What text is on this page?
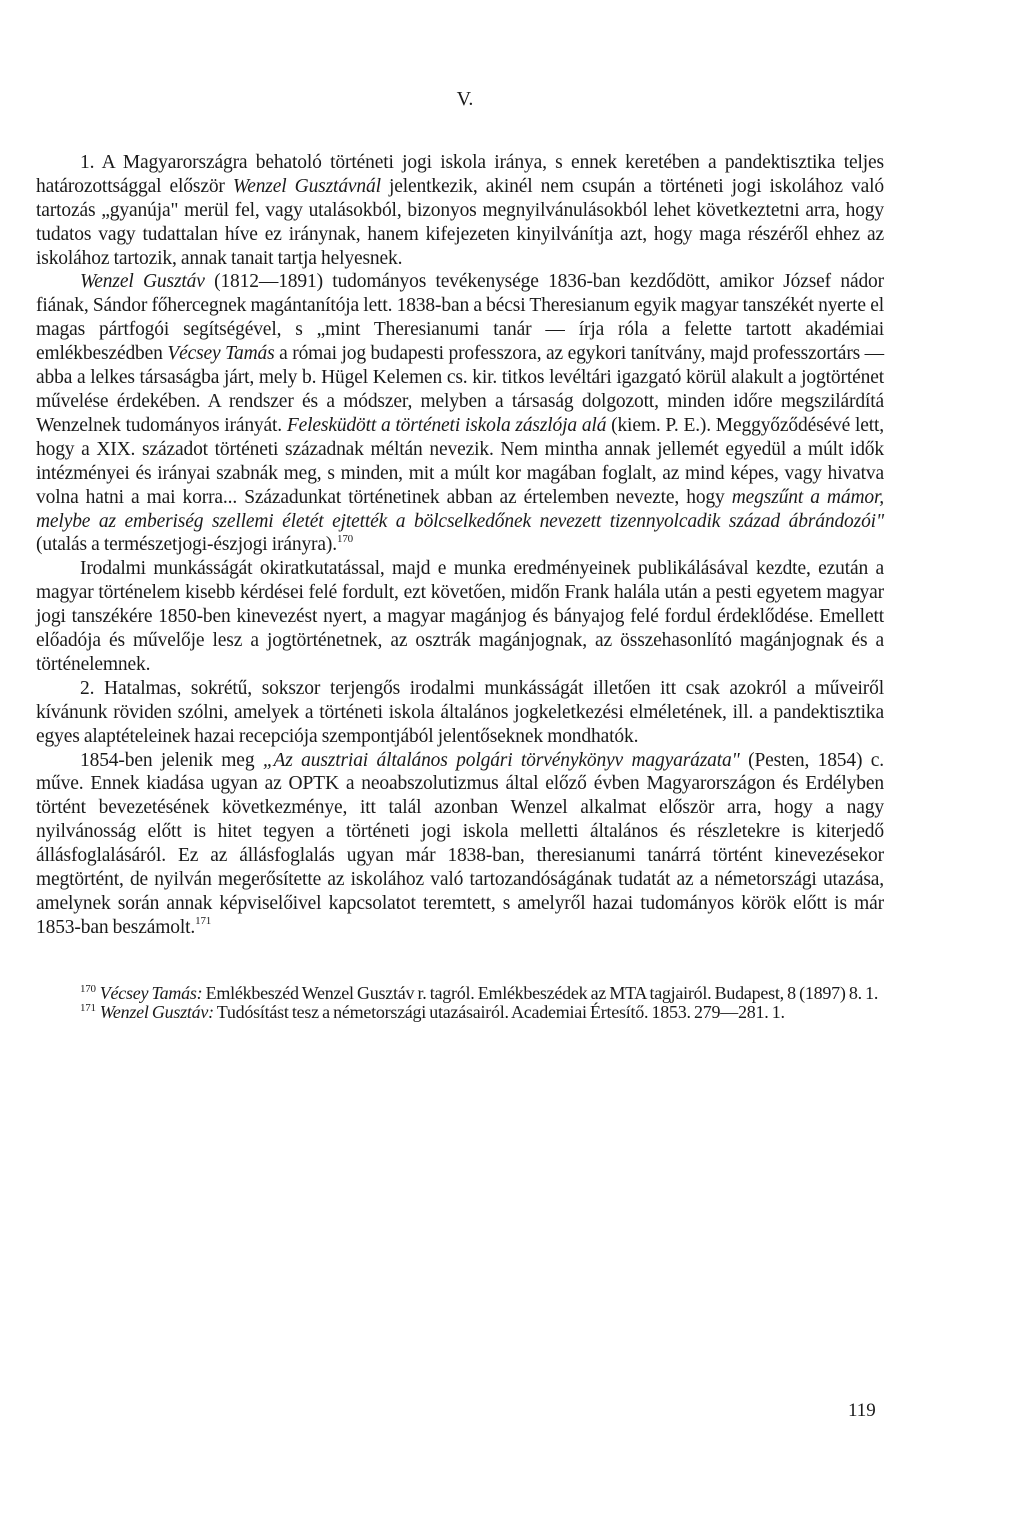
V.

1. A Magyarországra behatoló történeti jogi iskola iránya, s ennek keretében a pandektisztika teljes határozottsággal először Wenzel Gusztávnál jelentkezik, akinél nem csupán a történeti jogi iskolához való tartozás „gyanúja" merül fel, vagy utalásokból, bizonyos megnyilvánulásokból lehet következtetni arra, hogy tudatos vagy tudattalan híve ez iránynak, hanem kifejezeten kinyilvánítja azt, hogy maga részéről ehhez az iskolához tartozik, annak tanait tartja helyesnek.

Wenzel Gusztáv (1812—1891) tudományos tevékenysége 1836-ban kezdődött, amikor József nádor fiának, Sándor főhercegnek magántanítója lett. 1838-ban a bécsi Theresianum egyik magyar tanszékét nyerte el magas pártfogói segítségével, s „mint Theresianumi tanár — írja róla a felette tartott akadémiai emlékbeszédben Vécsey Tamás a római jog budapesti professzora, az egykori tanítvány, majd professzortárs — abba a lelkes társaságba járt, mely b. Hügel Kelemen cs. kir. titkos levéltári igazgató körül alakult a jogtörténet művelése érdekében. A rendszer és a módszer, melyben a társaság dolgozott, minden időre megszilárdítá Wenzelnek tudományos irányát. Felesküdött a történeti iskola zászlója alá (kiem. P. E.). Meggyőződésévé lett, hogy a XIX. századot történeti századnak méltán nevezik. Nem mintha annak jellemét egyedül a múlt idők intézményei és irányai szabnák meg, s minden, mit a múlt kor magában foglalt, az mind képes, vagy hivatva volna hatni a mai korra... Századunkat történetinek abban az értelemben nevezte, hogy megszűnt a mámor, melybe az emberiség szellemi életét ejtették a bölcselkedőnek nevezett tizennyolcadik század ábrándozói" (utalás a természetjogi-észjogi irányra).$^{170}$

Irodalmi munkásságát okiratkutatással, majd e munka eredményeinek publikálásával kezdte, ezután a magyar történelem kisebb kérdései felé fordult, ezt követően, midőn Frank halála után a pesti egyetem magyar jogi tanszékére 1850-ben kinevezést nyert, a magyar magánjog és bányajog felé fordul érdeklődése. Emellett előadója és művelője lesz a jogtörténetnek, az osztrák magánjognak, az összehasonlító magánjognak és a történelemnek.

2. Hatalmas, sokrétű, sokszor terjengős irodalmi munkásságát illetően itt csak azokról a műveiről kívánunk röviden szólni, amelyek a történeti iskola általános jogkeletkezési elméletének, ill. a pandektisztika egyes alaptételeinek hazai recepciója szempontjából jelentőseknek mondhatók.

1854-ben jelenik meg „Az ausztriai általános polgári törvénykönyv magyarázata" (Pesten, 1854) c. műve. Ennek kiadása ugyan az OPTK a neoabszolutizmus által előző évben Magyarországon és Erdélyben történt bevezetésének következménye, itt talál azonban Wenzel alkalmat először arra, hogy a nagy nyilvánosság előtt is hitet tegyen a történeti jogi iskola melletti általános és részletekre is kiterjedő állásfoglalásáról. Ez az állásfoglalás ugyan már 1838-ban, theresianumi tanárrá történt kinevezésekor megtörtént, de nyilván megerősítette az iskolához való tartozandóságának tudatát az a németországi utazása, amelynek során annak képviselőivel kapcsolatot teremtett, s amelyről hazai tudományos körök előtt is már 1853-ban beszámolt.$^{171}$

$^{170}$ Vécsey Tamás: Emlékbeszéd Wenzel Gusztáv r. tagról. Emlékbeszédek az MTA tagjairól. Budapest, 8 (1897) 8. 1.

$^{171}$ Wenzel Gusztáv: Tudósítást tesz a németországi utazásairól. Academiai Értesítő. 1853. 279—281. 1.

119
